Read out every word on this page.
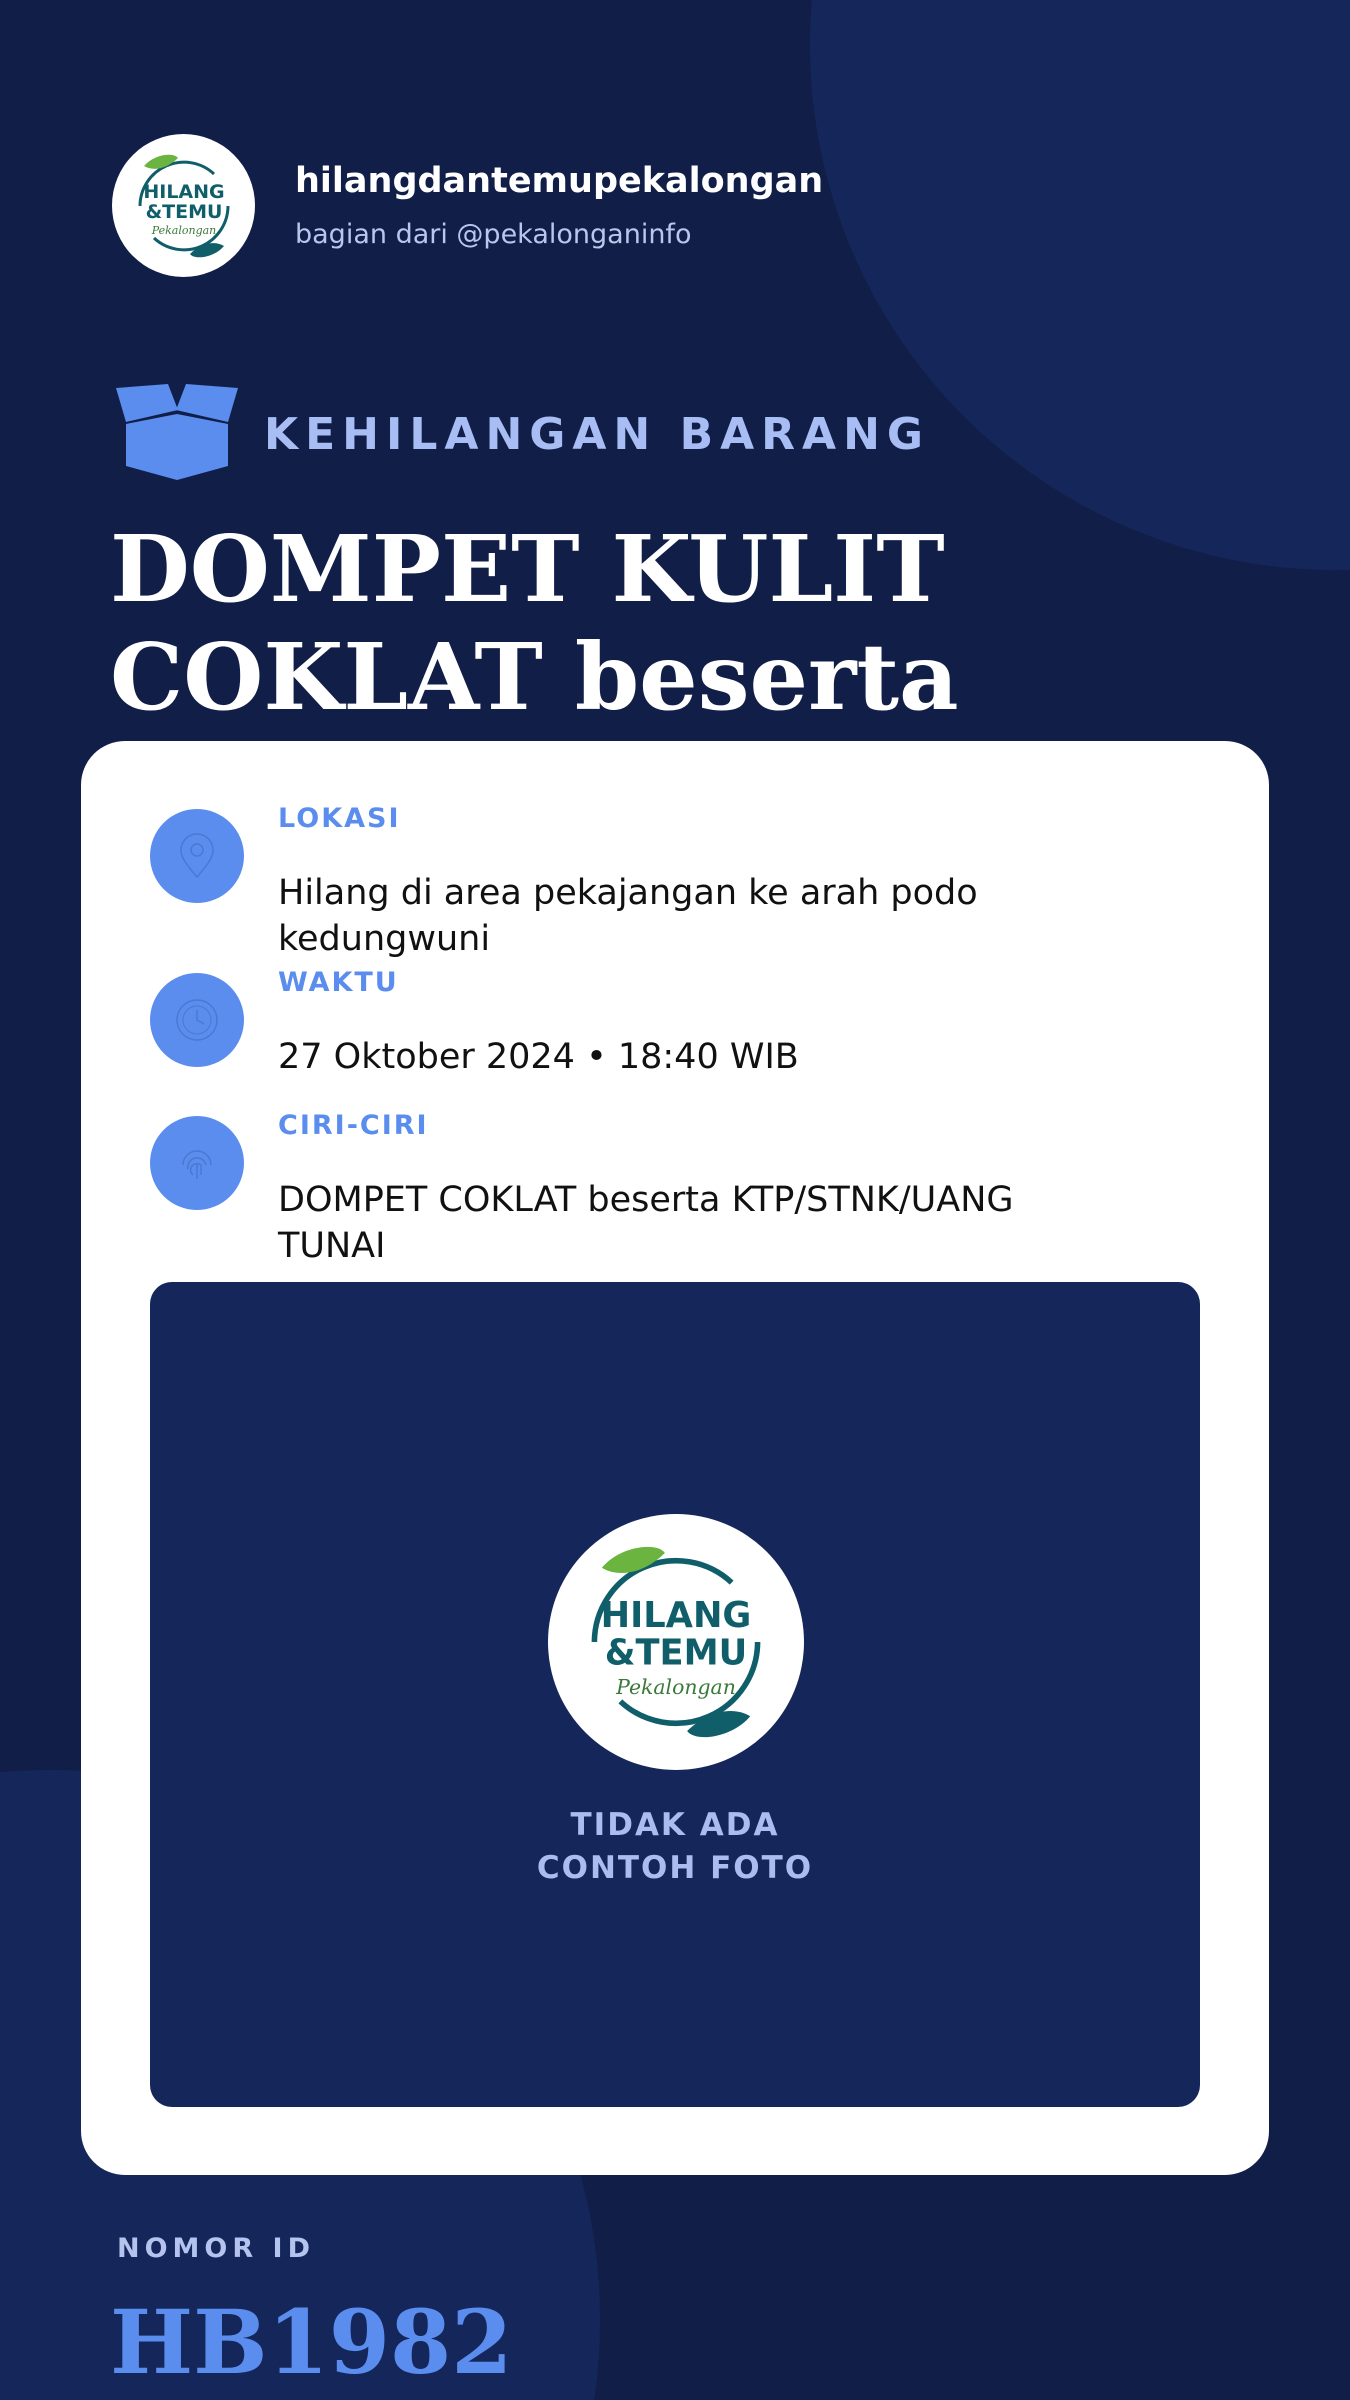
HILANG
&TEMU
Pekalongan
hilangdantemupekalongan
bagian dari @pekalonganinfo
KEHILANGAN BARANG
DOMPET KULIT
COKLAT beserta
LOKASI
Hilang di area pekajangan ke arah podo kedungwuni
WAKTU
27 Oktober 2024 • 18:40 WIB
CIRI-CIRI
DOMPET COKLAT beserta KTP/STNK/UANG TUNAI
HILANG
&TEMU
Pekalongan
TIDAK ADA
CONTOH FOTO
NOMOR ID
HB1982
